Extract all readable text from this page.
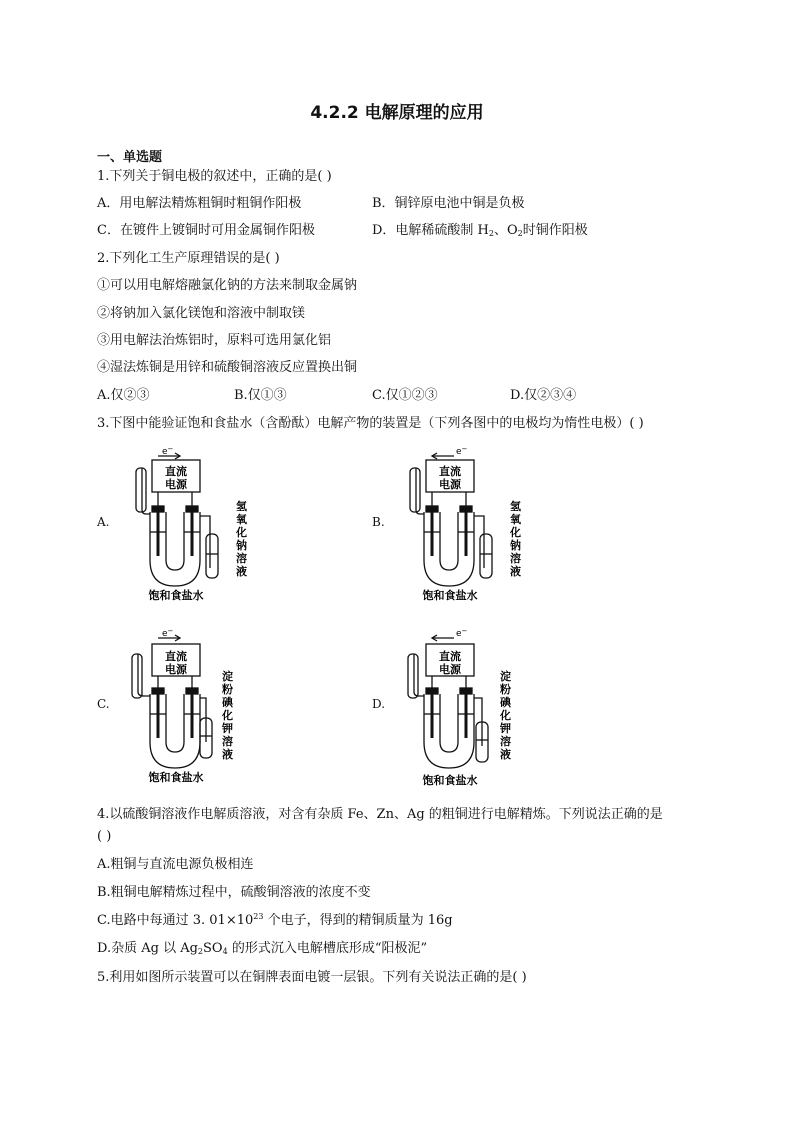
4.2.2 电解原理的应用
一、单选题
1.下列关于铜电极的叙述中，正确的是( )
A．用电解法精炼粗铜时粗铜作阳极	B．铜锌原电池中铜是负极
C．在镀件上镀铜时可用金属铜作阳极	D．电解稀硫酸制 $H_2$、$O_2$时铜作阳极
2.下列化工生产原理错误的是( )
①可以用电解熔融氯化钠的方法来制取金属钠
②将钠加入氯化镁饱和溶液中制取镁
③用电解法治炼铝时，原料可选用氯化铝
④湿法炼铜是用锌和硫酸铜溶液反应置换出铜
A.仅②③	B.仅①③	C.仅①②③	D.仅②③④
3.下图中能验证饱和食盐水（含酚酞）电解产物的装置是（下列各图中的电极均为惰性电极）( )
A.	B.
C.	D.
直流
电源
e−
饱和食盐水
氢氧化钠溶液
直流
电源
e−
饱和食盐水
氢氧化钠溶液
直流
电源
e−
饱和食盐水
淀粉碘化钾溶液
直流
电源
e−
饱和食盐水
淀粉碘化钾溶液
4.以硫酸铜溶液作电解质溶液，对含有杂质 Fe、Zn、Ag 的粗铜进行电解精炼。下列说法正确的是
( )
A.粗铜与直流电源负极相连
B.粗铜电解精炼过程中，硫酸铜溶液的浓度不变
C.电路中每通过 3. $01\times 10^{23}$ 个电子，得到的精铜质量为 16g
D.杂质 Ag 以 $Ag_2SO_4$ 的形式沉入电解槽底形成“阳极泥”
5.利用如图所示装置可以在铜牌表面电镀一层银。下列有关说法正确的是( )
